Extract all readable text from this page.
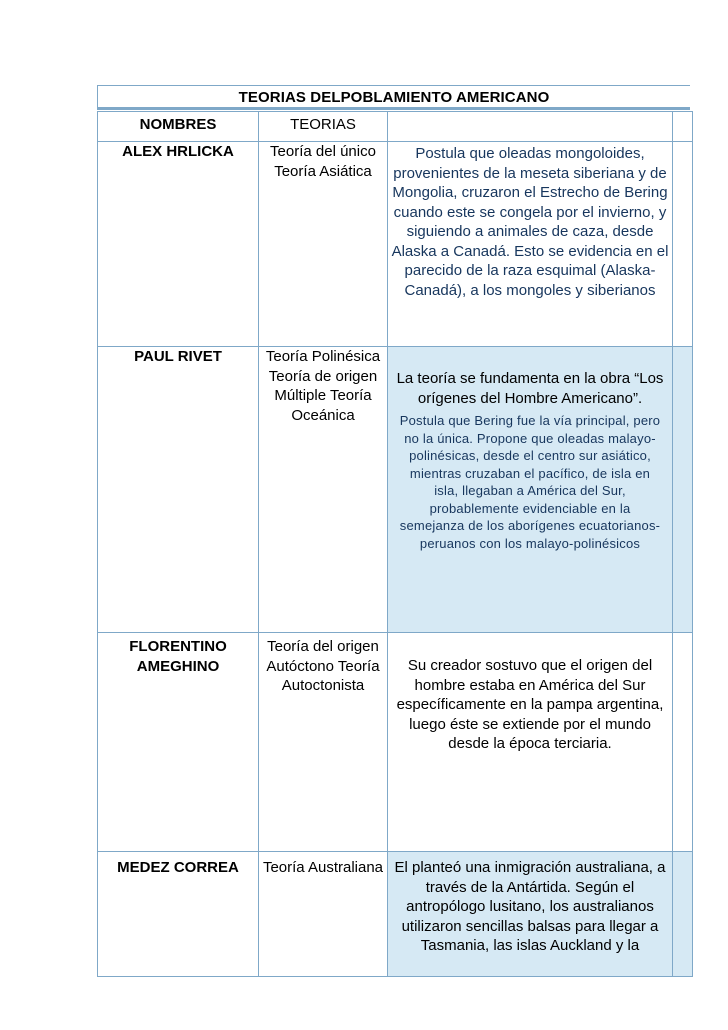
TEORIAS DELPOBLAMIENTO AMERICANO
NOMBRES	TEORIAS		
ALEX HRLICKA	Teoría del único Teoría Asiática	Postula que oleadas mongoloides, provenientes de la meseta siberiana y de Mongolia, cruzaron el Estrecho de Bering cuando este se congela por el invierno, y siguiendo a animales de caza, desde Alaska a Canadá. Esto se evidencia en el parecido de la raza esquimal (Alaska-Canadá), a los mongoles y siberianos	
PAUL RIVET	Teoría Polinésica Teoría de origen Múltiple Teoría Oceánica	La teoría se fundamenta en la obra “Los orígenes del Hombre Americano”.
Postula que Bering fue la vía principal, pero no la única. Propone que oleadas malayo-polinésicas, desde el centro sur asiático, mientras cruzaban el pacífico, de isla en isla, llegaban a América del Sur, probablemente evidenciable en la semejanza de los aborígenes ecuatorianos-peruanos con los malayo-polinésicos	

FLORENTINO AMEGHINO	Teoría del origen Autóctono Teoría Autoctonista	Su creador sostuvo que el origen del hombre estaba en América del Sur específicamente en la pampa argentina, luego éste se extiende por el mundo desde la época terciaria.	
MEDEZ CORREA	Teoría Australiana	El planteó una inmigración australiana, a través de la Antártida. Según el antropólogo lusitano, los australianos utilizaron sencillas balsas para llegar a Tasmania, las islas Auckland y la	
